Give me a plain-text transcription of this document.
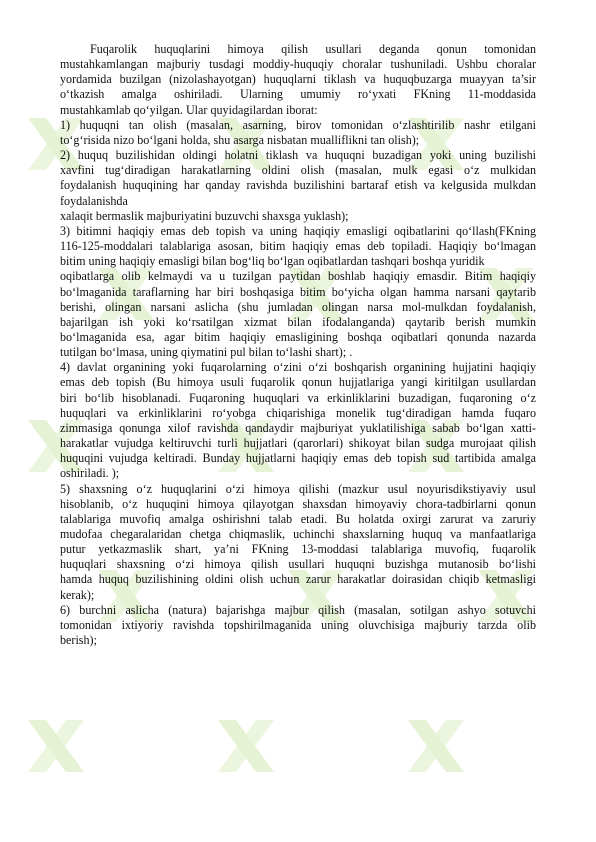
Fuqarolik huquqlarini himoya qilish usullari deganda qonun tomonidan

mustahkamlangan majburiy tusdagi moddiy-huquqiy choralar tushuniladi. Ushbu choralar

yordamida buzilgan (nizolashayotgan) huquqlarni tiklash va huquqbuzarga muayyan ta’sir

o‘tkazish amalga oshiriladi. Ularning umumiy ro‘yxati FKning 11-moddasida

mustahkamlab qo‘yilgan. Ular quyidagilardan iborat:

1) huquqni tan olish (masalan, asarning, birov tomonidan o‘zlashtirilib nashr etilgani

to‘g‘risida nizo bo‘lgani holda, shu asarga nisbatan mualliflikni tan olish);

2) huquq buzilishidan oldingi holatni tiklash va huquqni buzadigan yoki uning buzilishi

xavfini tug‘diradigan harakatlarning oldini olish (masalan, mulk egasi o‘z mulkidan

foydalanish huquqining har qanday ravishda buzilishini bartaraf etish va kelgusida mulkdan

foydalanishda

xalaqit bermaslik majburiyatini buzuvchi shaxsga yuklash);

3) bitimni haqiqiy emas deb topish va uning haqiqiy emasligi oqibatlarini qo‘llash(FKning

116-125-moddalari talablariga asosan, bitim haqiqiy emas deb topiladi. Haqiqiy bo‘lmagan

bitim uning haqiqiy emasligi bilan bog‘liq bo‘lgan oqibatlardan tashqari boshqa yuridik

oqibatlarga olib kelmaydi va u tuzilgan paytidan boshlab haqiqiy emasdir. Bitim haqiqiy

bo‘lmaganida taraflarning har biri boshqasiga bitim bo‘yicha olgan hamma narsani qaytarib

berishi, olingan narsani aslicha (shu jumladan olingan narsa mol-mulkdan foydalanish,

bajarilgan ish yoki ko‘rsatilgan xizmat bilan ifodalanganda) qaytarib berish mumkin

bo‘lmaganida esa, agar bitim haqiqiy emasligining boshqa oqibatlari qonunda nazarda

tutilgan bo‘lmasa, uning qiymatini pul bilan to‘lashi shart); .

4) davlat organining yoki fuqarolarning o‘zini o‘zi boshqarish organining hujjatini haqiqiy

emas deb topish (Bu himoya usuli fuqarolik qonun hujjatlariga yangi kiritilgan usullardan

biri bo‘lib hisoblanadi. Fuqaroning huquqlari va erkinliklarini buzadigan, fuqaroning o‘z

huquqlari va erkinliklarini ro‘yobga chiqarishiga monelik tug‘diradigan hamda fuqaro

zimmasiga qonunga xilof ravishda qandaydir majburiyat yuklatilishiga sabab bo‘lgan xatti-

harakatlar vujudga keltiruvchi turli hujjatlari (qarorlari) shikoyat bilan sudga murojaat qilish

huquqini vujudga keltiradi. Bunday hujjatlarni haqiqiy emas deb topish sud tartibida amalga

oshiriladi. );

5) shaxsning o‘z huquqlarini o‘zi himoya qilishi (mazkur usul noyurisdikstiyaviy usul

hisoblanib, o‘z huquqini himoya qilayotgan shaxsdan himoyaviy chora-tadbirlarni qonun

talablariga muvofiq amalga oshirishni talab etadi. Bu holatda oxirgi zarurat va zaruriy

mudofaa chegaralaridan chetga chiqmaslik, uchinchi shaxslarning huquq va manfaatlariga

putur yetkazmaslik shart, ya’ni FKning 13-moddasi talablariga muvofiq, fuqarolik

huquqlari shaxsning o‘zi himoya qilish usullari huquqni buzishga mutanosib bo‘lishi

hamda huquq buzilishining oldini olish uchun zarur harakatlar doirasidan chiqib ketmasligi

kerak);

6) burchni aslicha (natura) bajarishga majbur qilish (masalan, sotilgan ashyo sotuvchi

tomonidan ixtiyoriy ravishda topshirilmaganida uning oluvchisiga majburiy tarzda olib

berish);
